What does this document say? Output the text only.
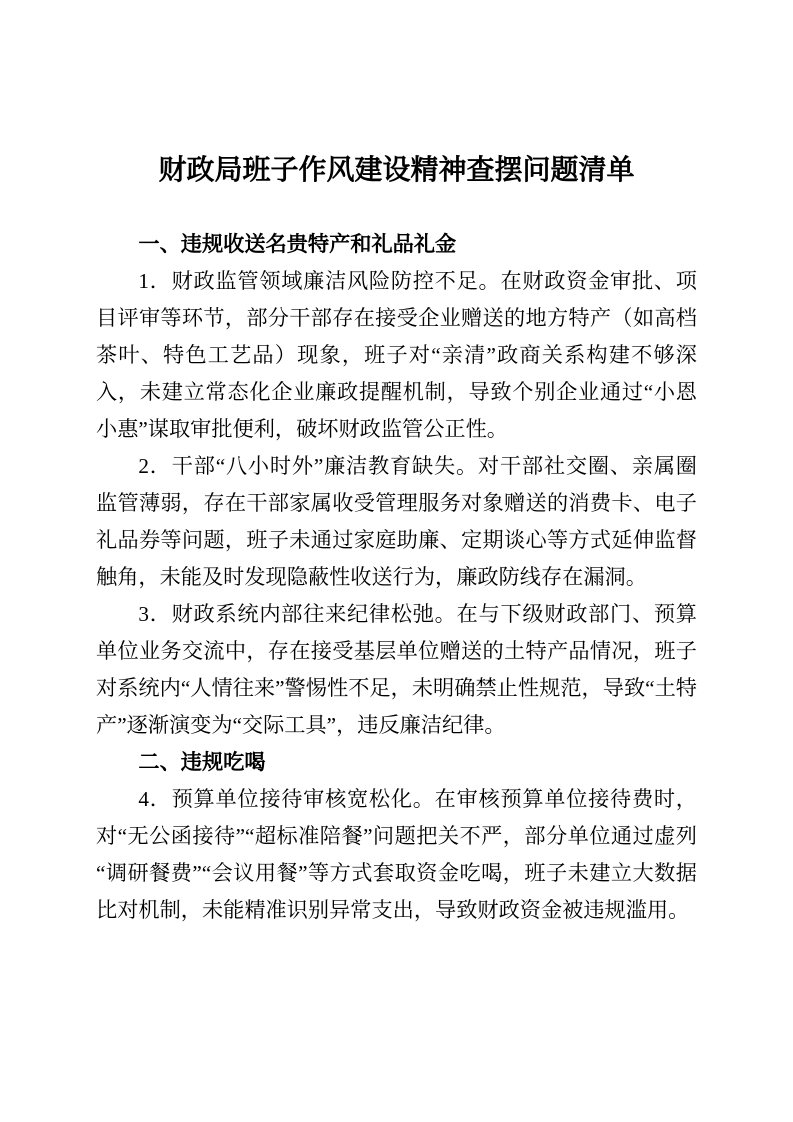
财政局班子作风建设精神查摆问题清单
一、违规收送名贵特产和礼品礼金

1．财政监管领域廉洁风险防控不足。在财政资金审批、项目评审等环节，部分干部存在接受企业赠送的地方特产（如高档茶叶、特色工艺品）现象，班子对“亲清”政商关系构建不够深入，未建立常态化企业廉政提醒机制，导致个别企业通过“小恩小惠”谋取审批便利，破坏财政监管公正性。

2．干部“八小时外”廉洁教育缺失。对干部社交圈、亲属圈监管薄弱，存在干部家属收受管理服务对象赠送的消费卡、电子礼品券等问题，班子未通过家庭助廉、定期谈心等方式延伸监督触角，未能及时发现隐蔽性收送行为，廉政防线存在漏洞。

3．财政系统内部往来纪律松弛。在与下级财政部门、预算单位业务交流中，存在接受基层单位赠送的土特产品情况，班子对系统内“人情往来”警惕性不足，未明确禁止性规范，导致“土特产”逐渐演变为“交际工具”，违反廉洁纪律。

二、违规吃喝

4．预算单位接待审核宽松化。在审核预算单位接待费时，对“无公函接待”“超标准陪餐”问题把关不严，部分单位通过虚列“调研餐费”“会议用餐”等方式套取资金吃喝，班子未建立大数据比对机制，未能精准识别异常支出，导致财政资金被违规滥用。
